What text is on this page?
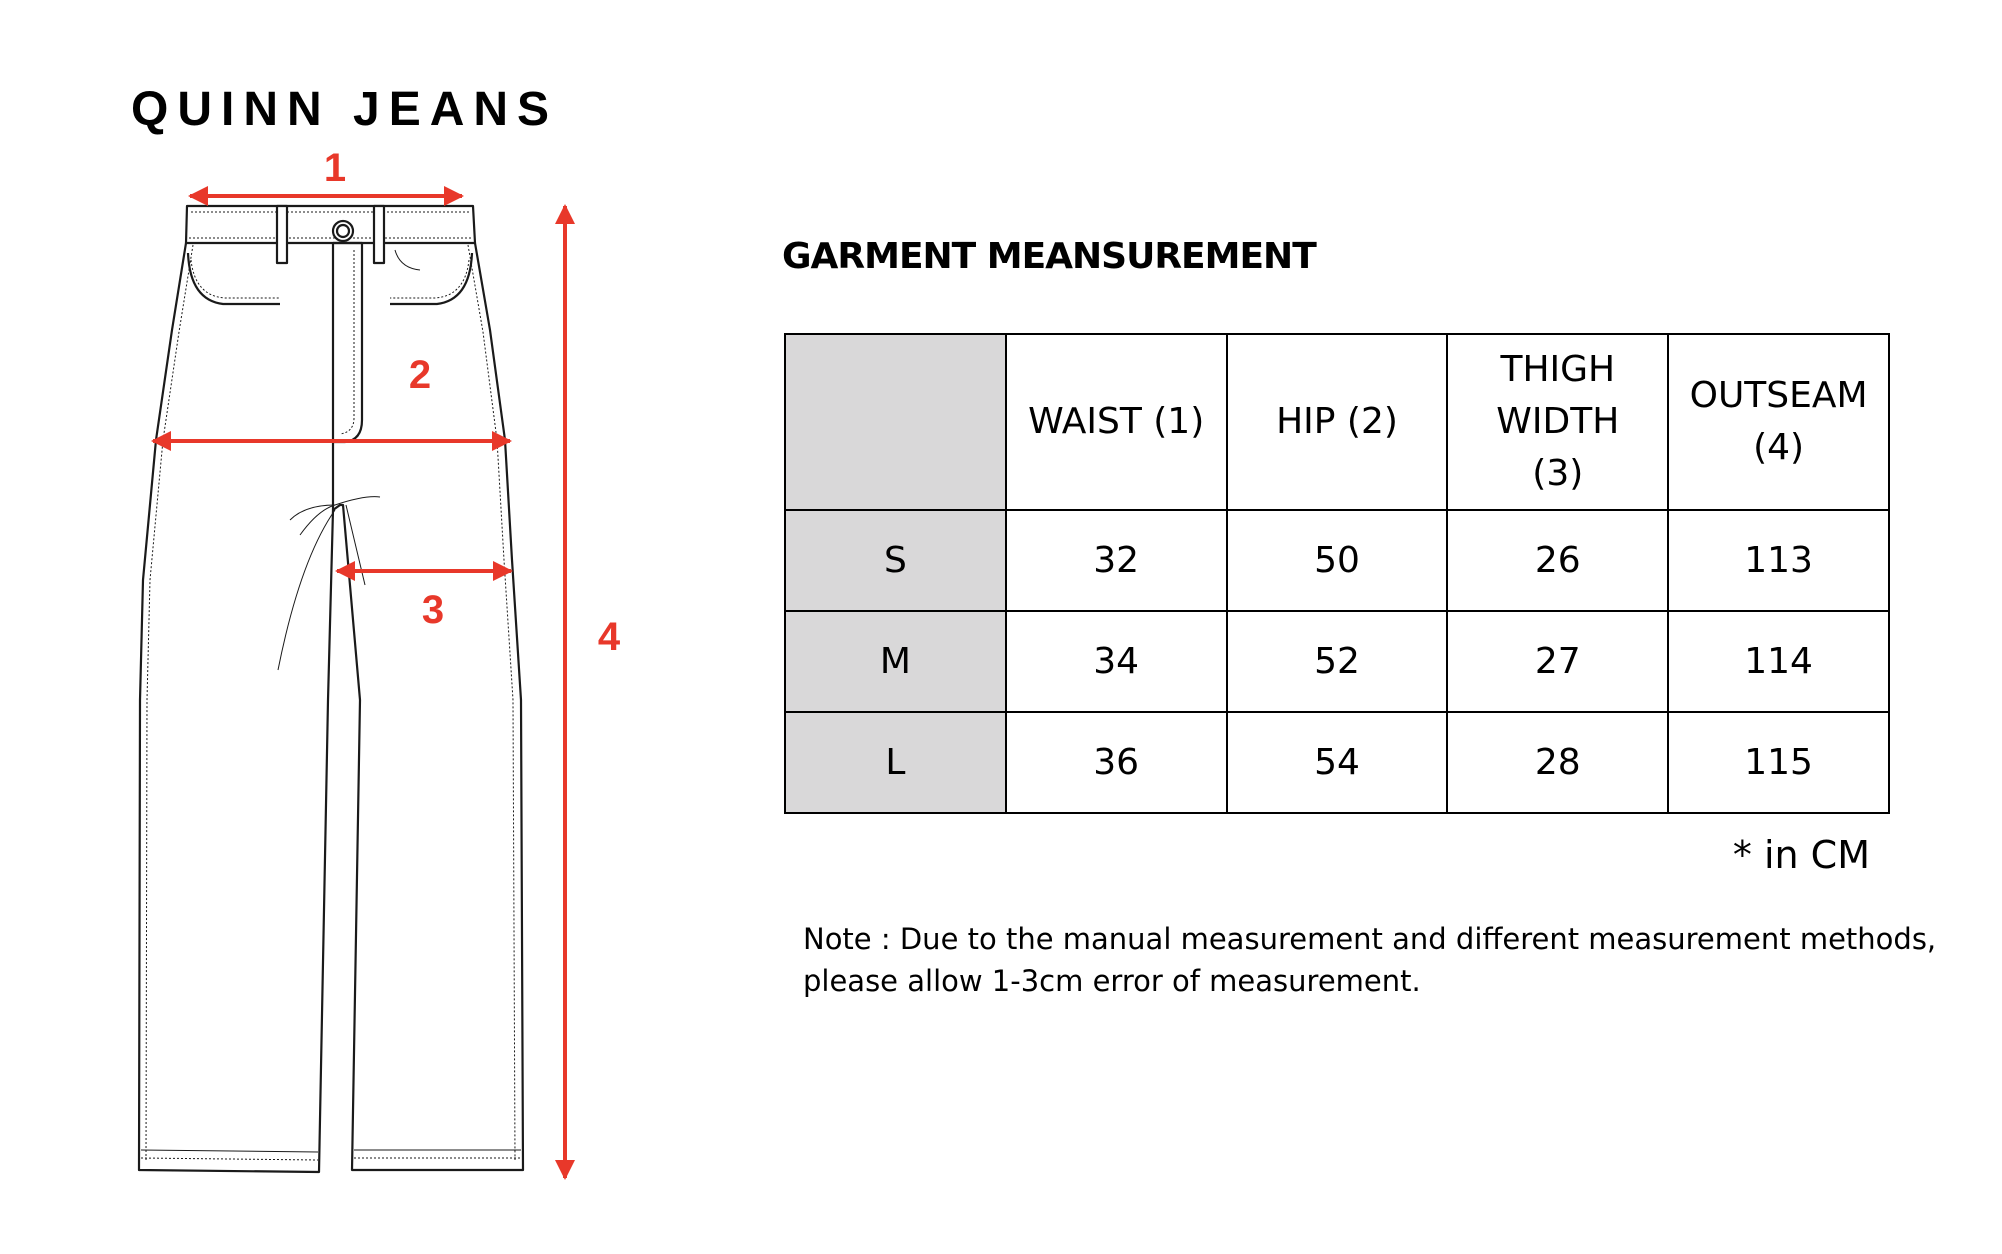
QUINN JEANS
1
2
3
4
GARMENT MEANSUREMENT
	WAIST (1)	HIP (2)	THIGH WIDTH (3)	OUTSEAM (4)
S	32	50	26	113
M	34	52	27	114
L	36	54	28	115
* in CM
Note : Due to the manual measurement and different measurement methods,
please allow 1-3cm error of measurement.
